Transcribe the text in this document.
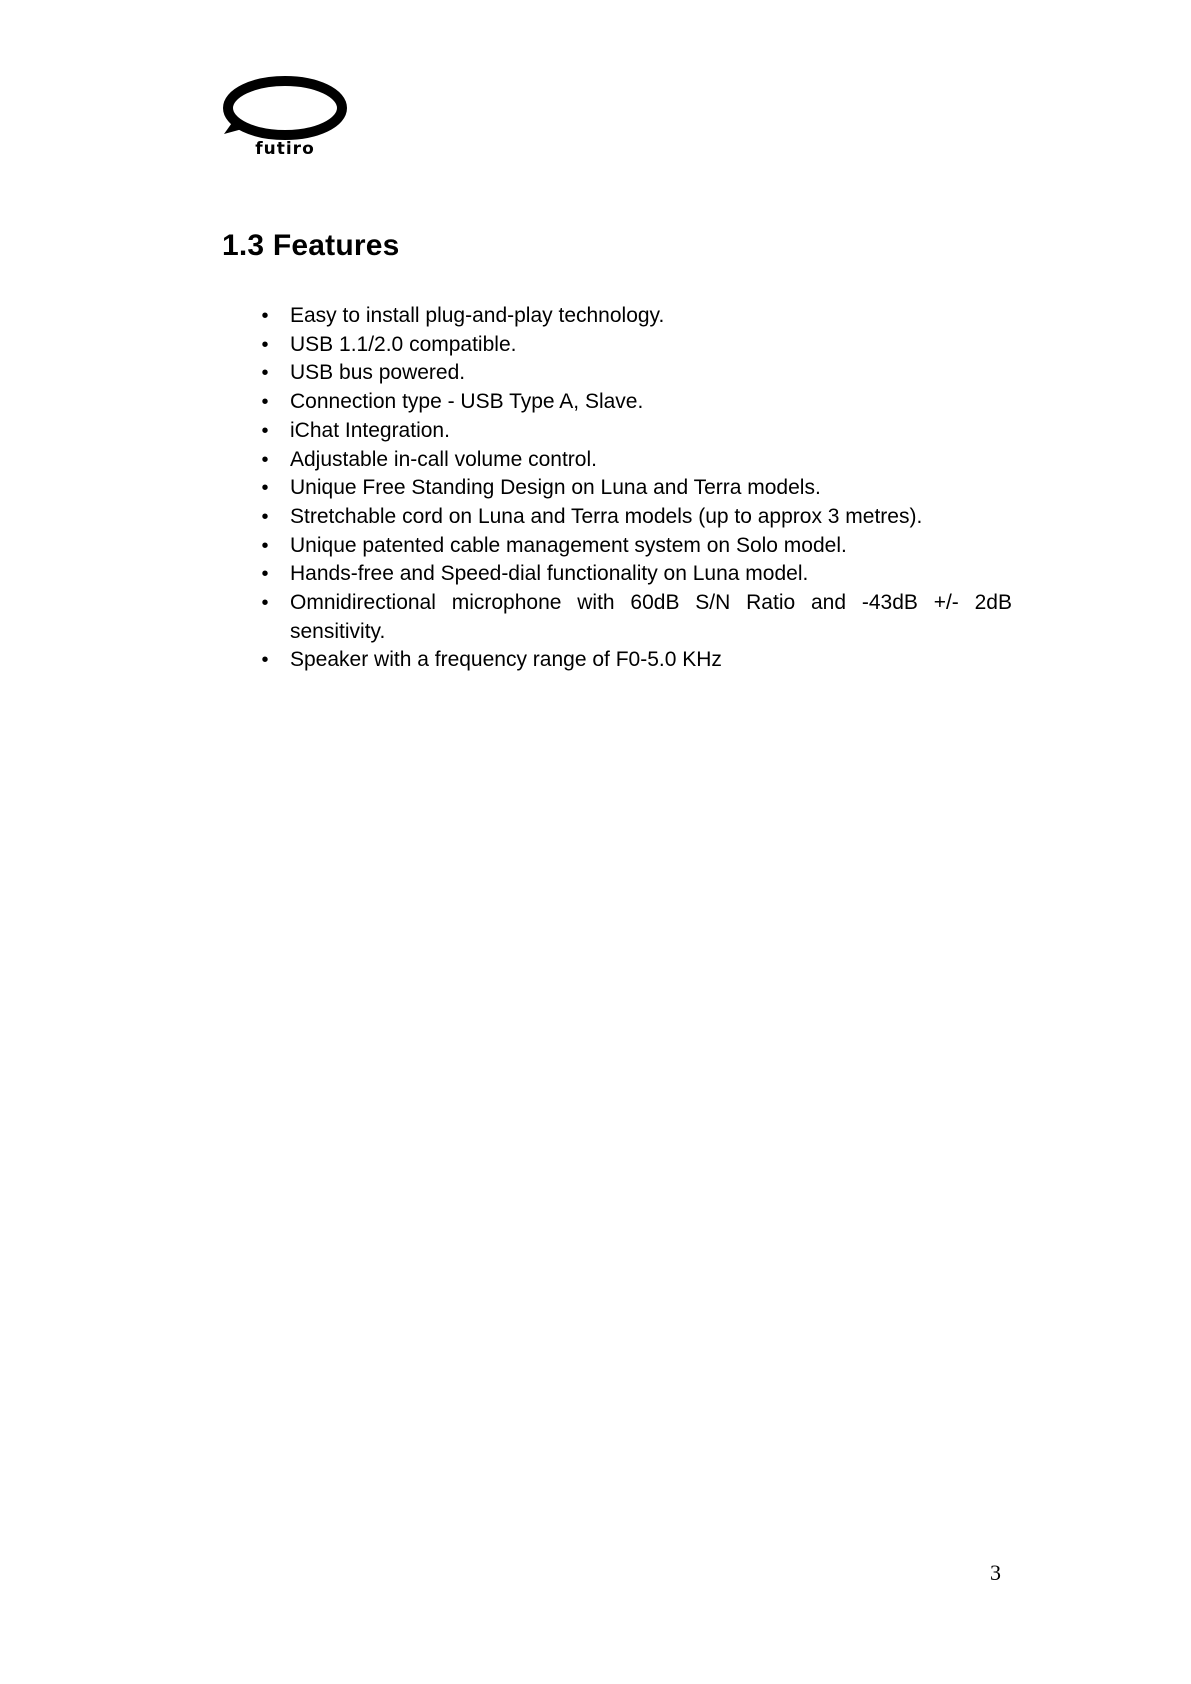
futiro
1.3 Features
• Easy to install plug-and-play technology.
• USB 1.1/2.0 compatible.
• USB bus powered.
• Connection type - USB Type A, Slave.
• iChat Integration.
• Adjustable in-call volume control.
• Unique Free Standing Design on Luna and Terra models.
• Stretchable cord on Luna and Terra models (up to approx 3 metres).
• Unique patented cable management system on Solo model.
• Hands-free and Speed-dial functionality on Luna model.
• Omnidirectional microphone with 60dB S/N Ratio and -43dB +/- 2dB sensitivity.
• Speaker with a frequency range of F0-5.0 KHz
3
